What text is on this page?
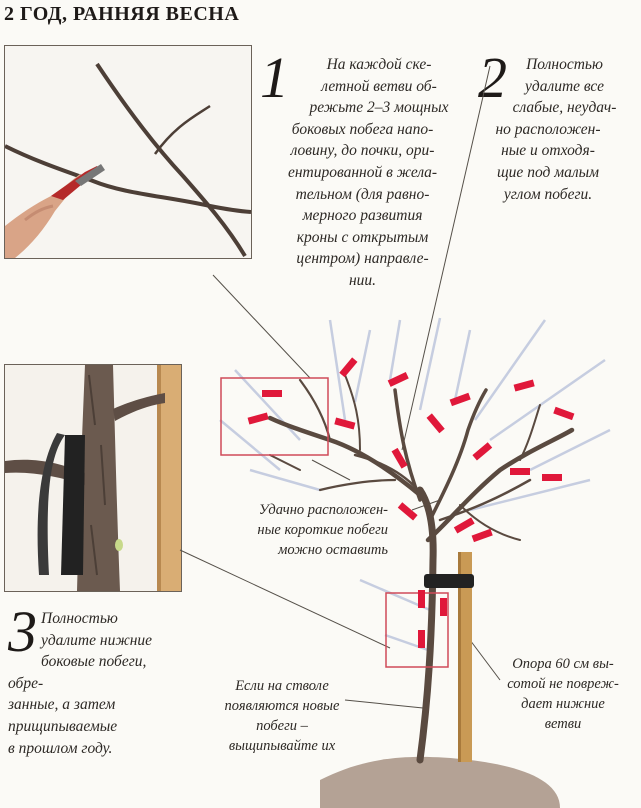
2 ГОД, РАННЯЯ ВЕСНА
1	На каждой ске-
летной ветви об-
режьте 2–3 мощных
боковых побега напо-
ловину, до почки, ори-
ентированной в желa-
тельном (для равно-
мерного развития
кроны с открытым
центром) направле-
нии.
2	Полностью
удалите все
слабые, неудач-
но расположен-
ные и отходя-
щие под малым
углом побеги.
3 Полностью
удалите нижние
боковые побеги, обре-
занные, а затем
прищипываемые
в прошлом году.
Удачно расположен-
ные короткие побеги
можно оставить
Если на стволе
появляются новые
побеги –
выщипывайте их
Опора 60 см вы-
сотой не повреж-
дает нижние
ветви
